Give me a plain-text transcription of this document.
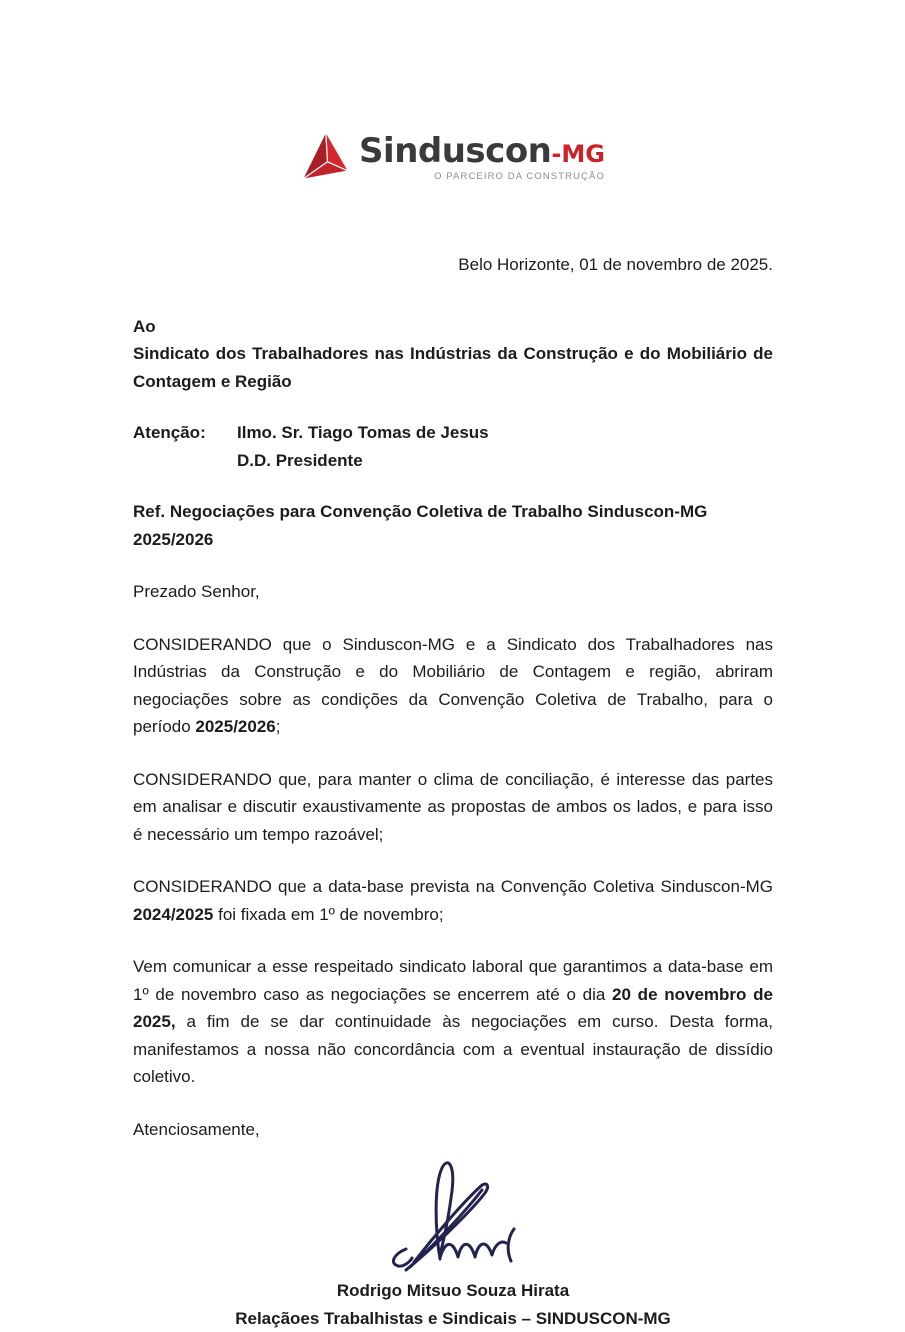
Sinduscon -MG
O PARCEIRO DA CONSTRUÇÃO
Belo Horizonte, 01 de novembro de 2025.
Ao
Sindicato dos Trabalhadores nas Indústrias da Construção e do Mobiliário de Contagem e Região
Atenção:	Ilmo. Sr. Tiago Tomas de Jesus
D.D. Presidente
Ref. Negociações para Convenção Coletiva de Trabalho Sinduscon-MG 2025/2026
Prezado Senhor,

CONSIDERANDO que o Sinduscon-MG e a Sindicato dos Trabalhadores nas Indústrias da Construção e do Mobiliário de Contagem e região, abriram negociações sobre as condições da Convenção Coletiva de Trabalho, para o período 2025/2026;

CONSIDERANDO que, para manter o clima de conciliação, é interesse das partes em analisar e discutir exaustivamente as propostas de ambos os lados, e para isso é necessário um tempo razoável;

CONSIDERANDO que a data-base prevista na Convenção Coletiva Sinduscon-MG 2024/2025 foi fixada em 1º de novembro;

Vem comunicar a esse respeitado sindicato laboral que garantimos a data-base em 1º de novembro caso as negociações se encerrem até o dia 20 de novembro de 2025, a fim de se dar continuidade às negociações em curso. Desta forma, manifestamos a nossa não concordância com a eventual instauração de dissídio coletivo.

Atenciosamente,
Rodrigo Mitsuo Souza Hirata
Relaçãoes Trabalhistas e Sindicais – SINDUSCON-MG
